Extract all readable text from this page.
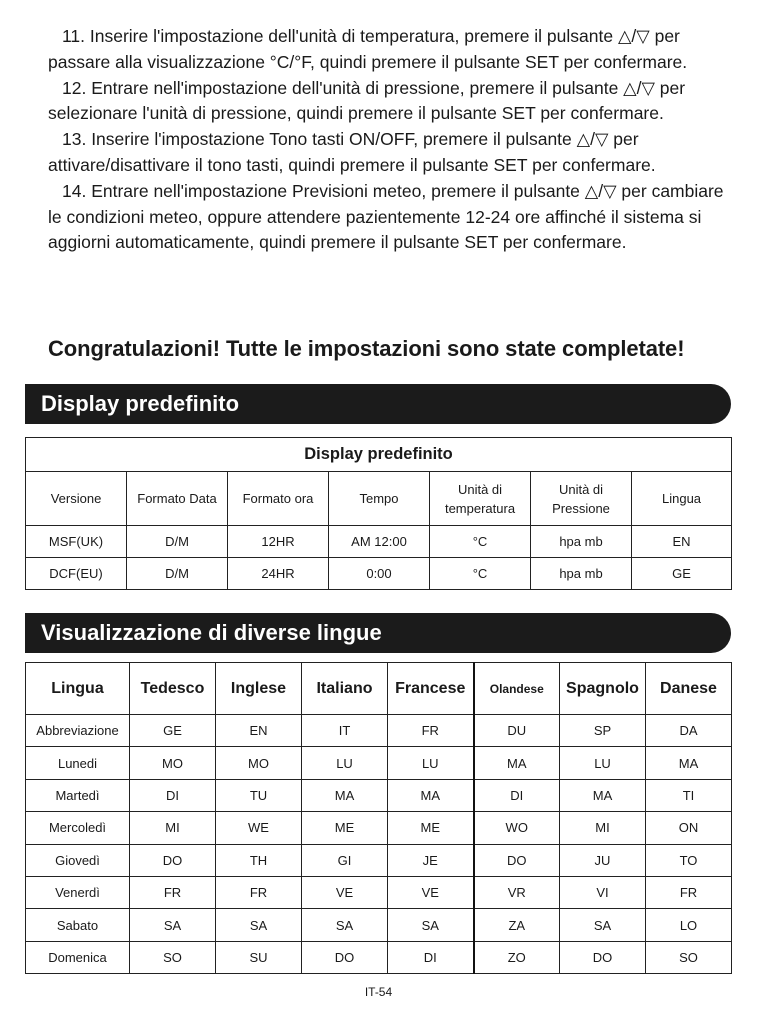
11. Inserire l'impostazione dell'unità di temperatura, premere il pulsante △/▽ per passare alla visualizzazione °C/°F, quindi premere il pulsante SET per confermare.

12. Entrare nell'impostazione dell'unità di pressione, premere il pulsante △/▽ per selezionare l'unità di pressione, quindi premere il pulsante SET per confermare.

13. Inserire l'impostazione Tono tasti ON/OFF, premere il pulsante △/▽ per attivare/disattivare il tono tasti, quindi premere il pulsante SET per confermare.

14. Entrare nell'impostazione Previsioni meteo, premere il pulsante △/▽ per cambiare le condizioni meteo, oppure attendere pazientemente 12-24 ore affinché il sistema si aggiorni automaticamente, quindi premere il pulsante SET per confermare.

Congratulazioni! Tutte le impostazioni sono state completate!
Display predefinito
Display predefinito						
Versione	Formato Data	Formato ora	Tempo	Unità di temperatura	Unità di Pressione	Lingua
MSF(UK)	D/M	12HR	AM 12:00	°C	hpa mb	EN
DCF(EU)	D/M	24HR	0:00	°C	hpa mb	GE
Visualizzazione di diverse lingue
Lingua	Tedesco	Inglese	Italiano	Francese	Olandese	Spagnolo	Danese
Abbreviazione	GE	EN	IT	FR	DU	SP	DA
Lunedi	MO	MO	LU	LU	MA	LU	MA
Martedì	DI	TU	MA	MA	DI	MA	TI
Mercoledì	MI	WE	ME	ME	WO	MI	ON
Giovedì	DO	TH	GI	JE	DO	JU	TO
Venerdì	FR	FR	VE	VE	VR	VI	FR
Sabato	SA	SA	SA	SA	ZA	SA	LO
Domenica	SO	SU	DO	DI	ZO	DO	SO
IT-54
